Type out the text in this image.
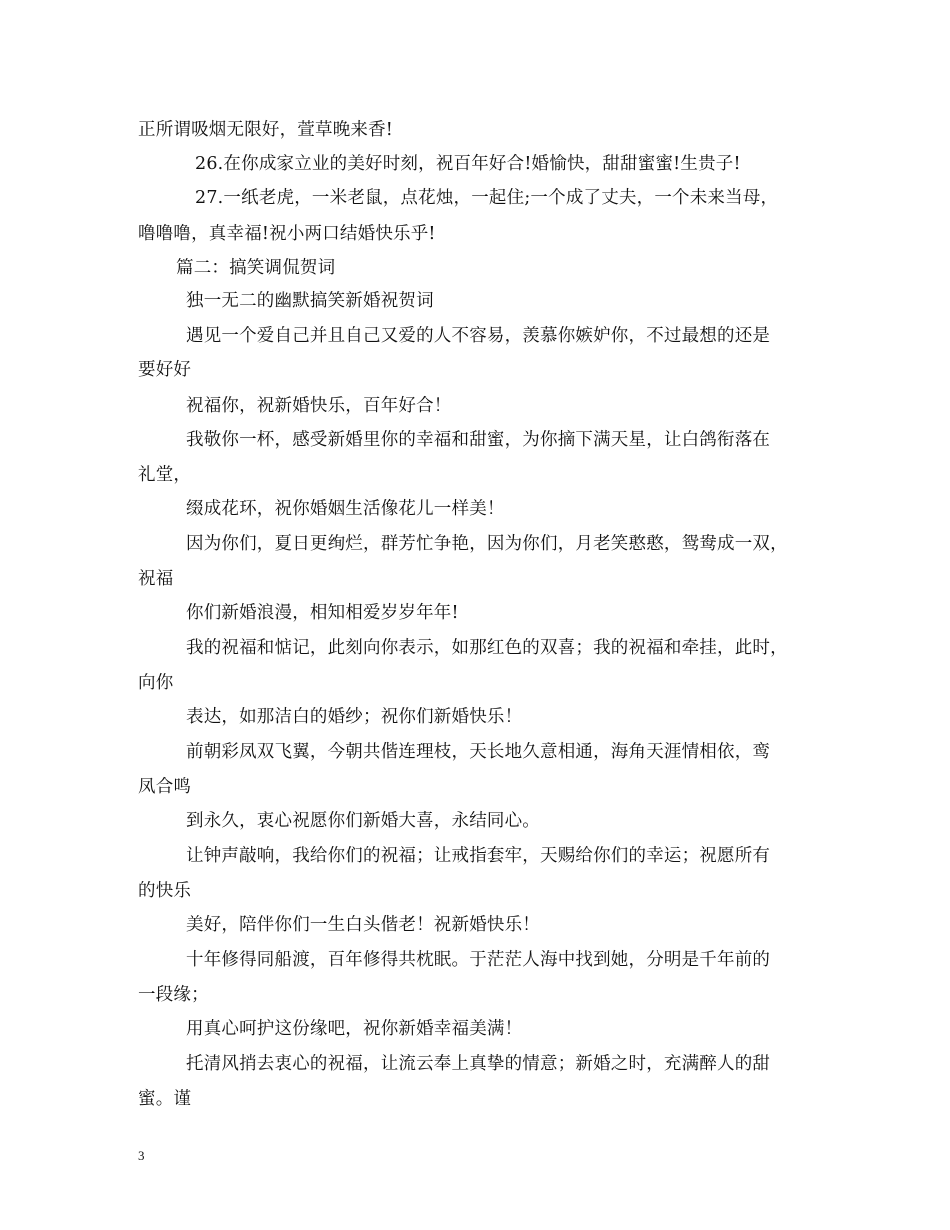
正所谓吸烟无限好，萱草晚来香!
26.在你成家立业的美好时刻，祝百年好合!婚愉快，甜甜蜜蜜!生贵子!
27.一纸老虎，一米老鼠，点花烛，一起住;一个成了丈夫，一个未来当母，
噜噜噜，真幸福!祝小两口结婚快乐乎!
篇二：搞笑调侃贺词
独一无二的幽默搞笑新婚祝贺词
遇见一个爱自己并且自己又爱的人不容易，羡慕你嫉妒你，不过最想的还是
要好好
祝福你，祝新婚快乐，百年好合！
我敬你一杯，感受新婚里你的幸福和甜蜜，为你摘下满天星，让白鸽衔落在
礼堂，
缀成花环，祝你婚姻生活像花儿一样美！
因为你们，夏日更绚烂，群芳忙争艳，因为你们，月老笑憨憨，鸳鸯成一双，
祝福
你们新婚浪漫，相知相爱岁岁年年!
我的祝福和惦记，此刻向你表示，如那红色的双喜；我的祝福和牵挂，此时，
向你
表达，如那洁白的婚纱；祝你们新婚快乐！
前朝彩凤双飞翼，今朝共偕连理枝，天长地久意相通，海角天涯情相依，鸾
凤合鸣
到永久，衷心祝愿你们新婚大喜，永结同心。
让钟声敲响，我给你们的祝福；让戒指套牢，天赐给你们的幸运；祝愿所有
的快乐
美好，陪伴你们一生白头偕老！祝新婚快乐！
十年修得同船渡，百年修得共枕眠。于茫茫人海中找到她，分明是千年前的
一段缘；
用真心呵护这份缘吧，祝你新婚幸福美满！
托清风捎去衷心的祝福，让流云奉上真挚的情意；新婚之时，充满醉人的甜
蜜。谨
3
